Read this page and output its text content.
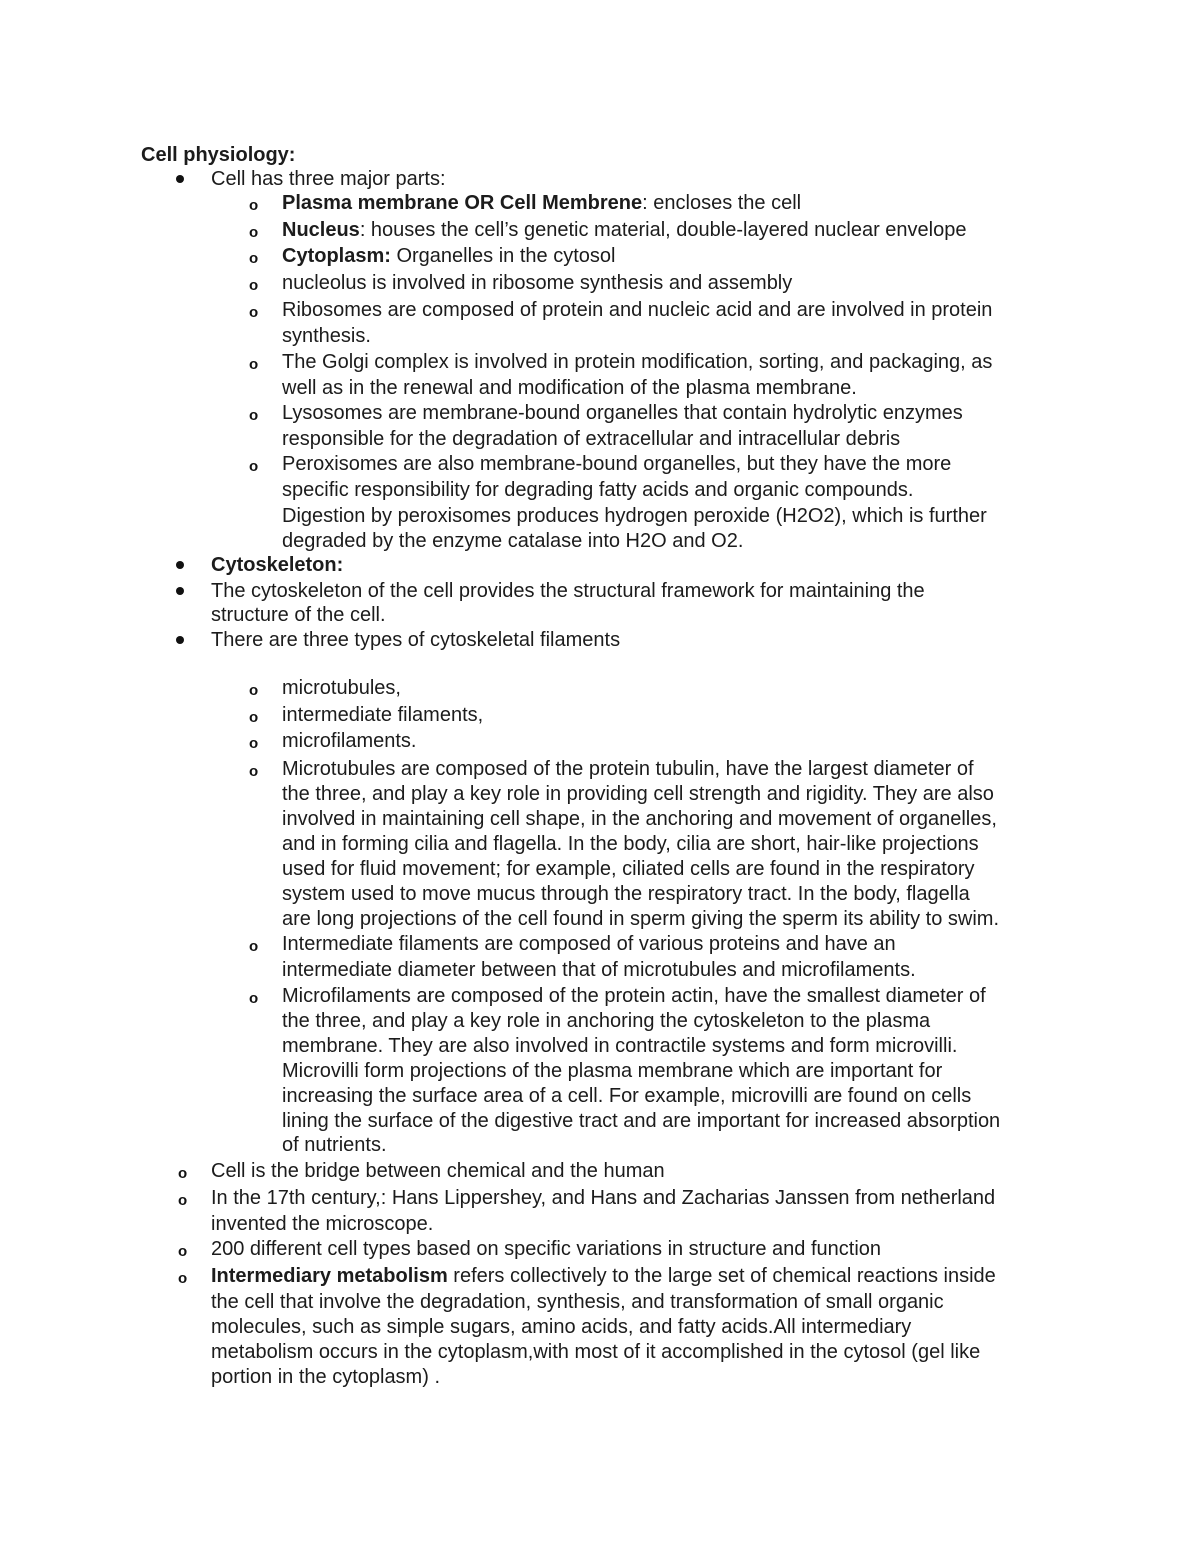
Cell physiology:
Cell has three major parts:
o Plasma membrane OR Cell Membrene: encloses the cell
o Nucleus: houses the cell’s genetic material, double-layered nuclear envelope
o Cytoplasm: Organelles in the cytosol
o nucleolus is involved in ribosome synthesis and assembly
o Ribosomes are composed of protein and nucleic acid and are involved in protein
synthesis.
o The Golgi complex is involved in protein modification, sorting, and packaging, as
well as in the renewal and modification of the plasma membrane.
o Lysosomes are membrane-bound organelles that contain hydrolytic enzymes
responsible for the degradation of extracellular and intracellular debris
o Peroxisomes are also membrane-bound organelles, but they have the more
specific responsibility for degrading fatty acids and organic compounds.
Digestion by peroxisomes produces hydrogen peroxide (H2O2), which is further
degraded by the enzyme catalase into H2O and O2.
Cytoskeleton:
The cytoskeleton of the cell provides the structural framework for maintaining the
structure of the cell.
There are three types of cytoskeletal filaments
o microtubules,
o intermediate filaments,
o microfilaments.
o Microtubules are composed of the protein tubulin, have the largest diameter of
the three, and play a key role in providing cell strength and rigidity. They are also
involved in maintaining cell shape, in the anchoring and movement of organelles,
and in forming cilia and flagella. In the body, cilia are short, hair-like projections
used for fluid movement; for example, ciliated cells are found in the respiratory
system used to move mucus through the respiratory tract. In the body, flagella
are long projections of the cell found in sperm giving the sperm its ability to swim.
o Intermediate filaments are composed of various proteins and have an
intermediate diameter between that of microtubules and microfilaments.
o Microfilaments are composed of the protein actin, have the smallest diameter of
the three, and play a key role in anchoring the cytoskeleton to the plasma
membrane. They are also involved in contractile systems and form microvilli.
Microvilli form projections of the plasma membrane which are important for
increasing the surface area of a cell. For example, microvilli are found on cells
lining the surface of the digestive tract and are important for increased absorption
of nutrients.
o Cell is the bridge between chemical and the human
o In the 17th century,: Hans Lippershey, and Hans and Zacharias Janssen from netherland
invented the microscope.
o 200 different cell types based on specific variations in structure and function
o Intermediary metabolism refers collectively to the large set of chemical reactions inside
the cell that involve the degradation, synthesis, and transformation of small organic
molecules, such as simple sugars, amino acids, and fatty acids.All intermediary
metabolism occurs in the cytoplasm,with most of it accomplished in the cytosol (gel like
portion in the cytoplasm) .
